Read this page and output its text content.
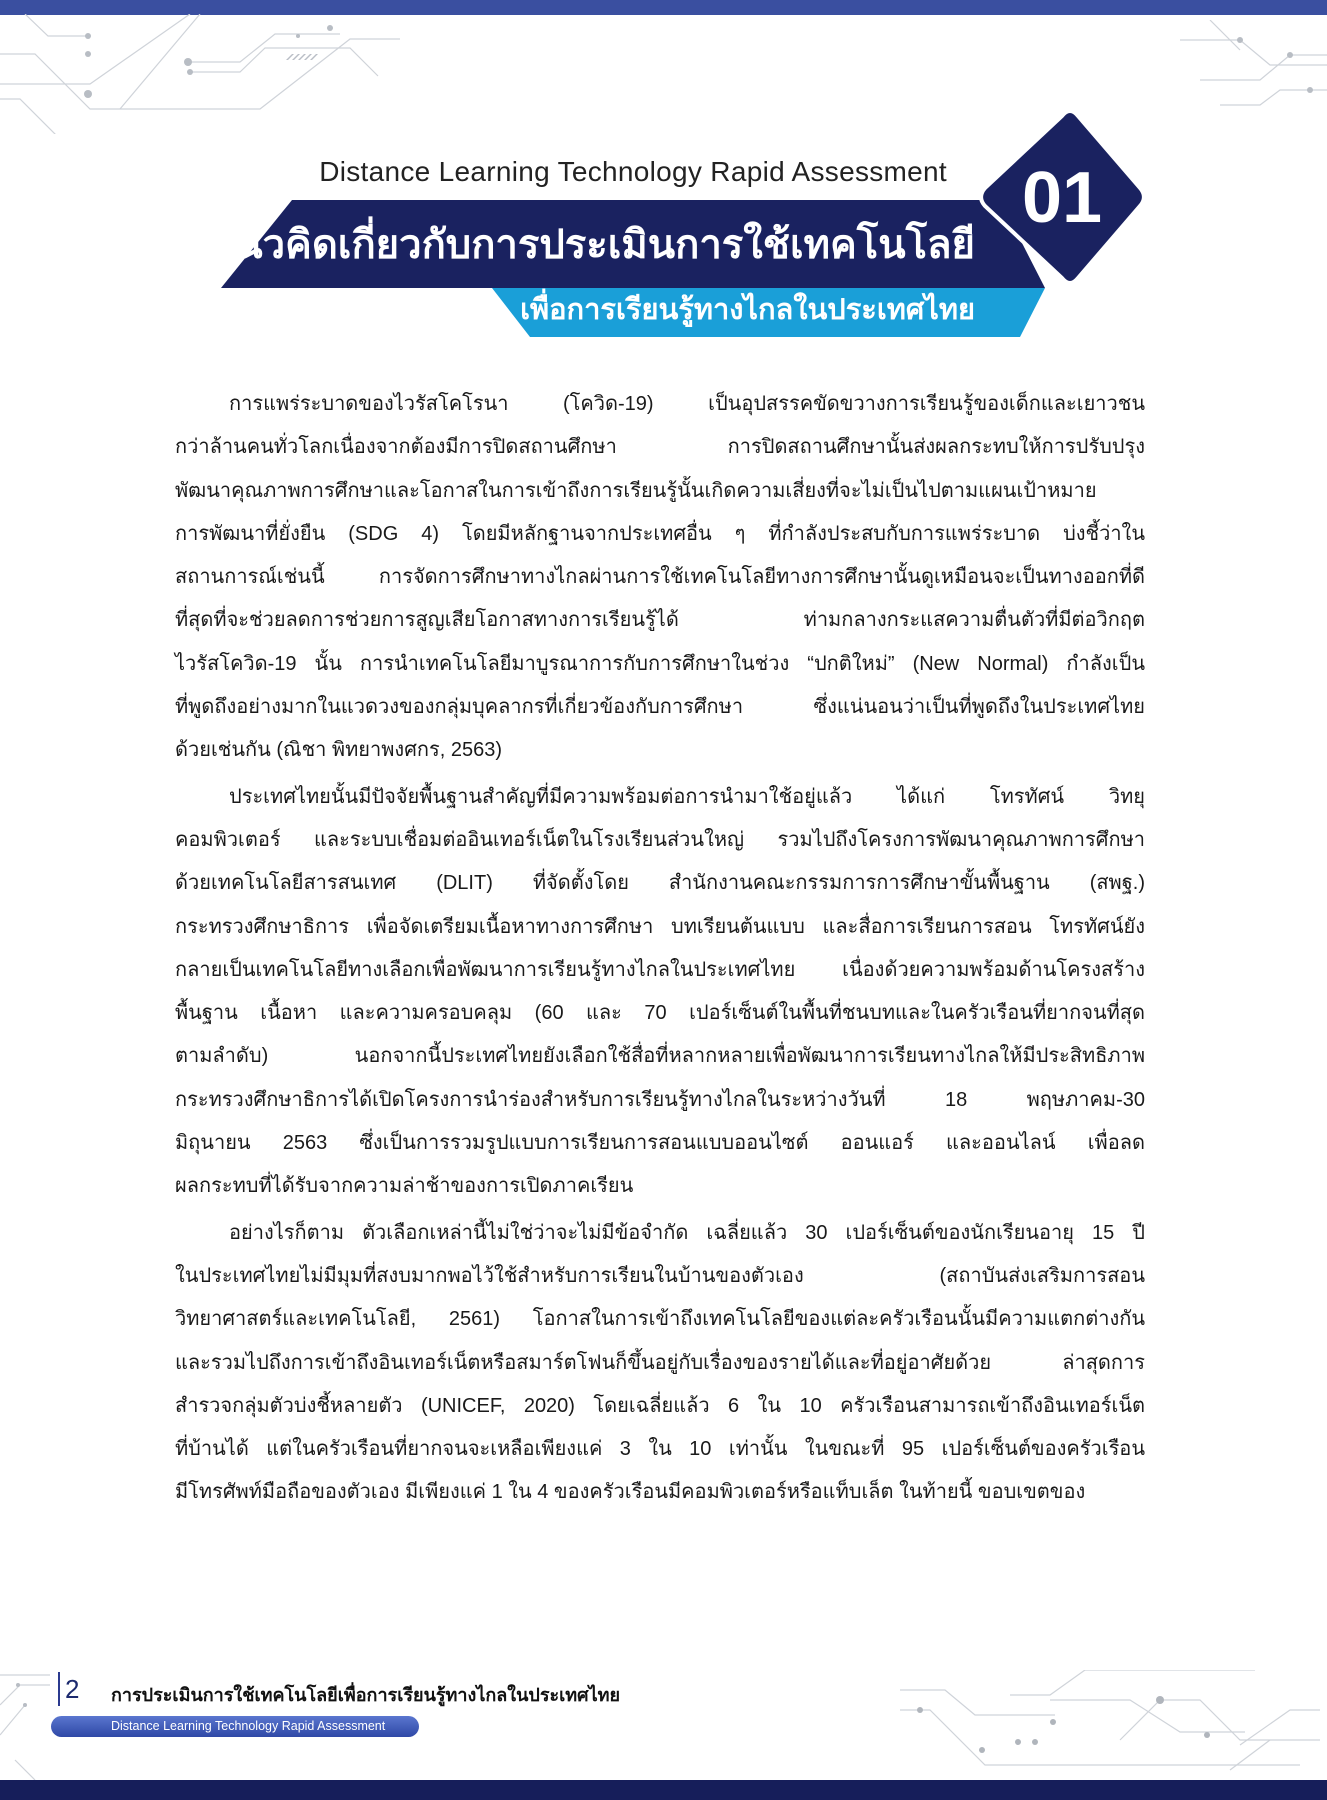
Distance Learning Technology Rapid Assessment
แนวคิดเกี่ยวกับการประเมินการใช้เทคโนโลยี
เพื่อการเรียนรู้ทางไกลในประเทศไทย
01
การแพร่ระบาดของไวรัสโคโรนา (โควิด-19) เป็นอุปสรรคขัดขวางการเรียนรู้ของเด็กและเยาวชน
กว่าล้านคนทั่วโลกเนื่องจากต้องมีการปิดสถานศึกษา การปิดสถานศึกษานั้นส่งผลกระทบให้การปรับปรุง
พัฒนาคุณภาพการศึกษาและโอกาสในการเข้าถึงการเรียนรู้นั้นเกิดความเสี่ยงที่จะไม่เป็นไปตามแผนเป้าหมาย
การพัฒนาที่ยั่งยืน (SDG 4) โดยมีหลักฐานจากประเทศอื่น ๆ ที่กำลังประสบกับการแพร่ระบาด บ่งชี้ว่าใน
สถานการณ์เช่นนี้ การจัดการศึกษาทางไกลผ่านการใช้เทคโนโลยีทางการศึกษานั้นดูเหมือนจะเป็นทางออกที่ดี
ที่สุดที่จะช่วยลดการช่วยการสูญเสียโอกาสทางการเรียนรู้ได้ ท่ามกลางกระแสความตื่นตัวที่มีต่อวิกฤต
ไวรัสโควิด-19 นั้น การนำเทคโนโลยีมาบูรณาการกับการศึกษาในช่วง “ปกติใหม่” (New Normal) กำลังเป็น
ที่พูดถึงอย่างมากในแวดวงของกลุ่มบุคลากรที่เกี่ยวข้องกับการศึกษา ซึ่งแน่นอนว่าเป็นที่พูดถึงในประเทศไทย
ด้วยเช่นกัน (ณิชา พิทยาพงศกร, 2563)
ประเทศไทยนั้นมีปัจจัยพื้นฐานสำคัญที่มีความพร้อมต่อการนำมาใช้อยู่แล้ว ได้แก่ โทรทัศน์ วิทยุ
คอมพิวเตอร์ และระบบเชื่อมต่ออินเทอร์เน็ตในโรงเรียนส่วนใหญ่ รวมไปถึงโครงการพัฒนาคุณภาพการศึกษา
ด้วยเทคโนโลยีสารสนเทศ (DLIT) ที่จัดตั้งโดย สำนักงานคณะกรรมการการศึกษาขั้นพื้นฐาน (สพฐ.)
กระทรวงศึกษาธิการ เพื่อจัดเตรียมเนื้อหาทางการศึกษา บทเรียนต้นแบบ และสื่อการเรียนการสอน โทรทัศน์ยัง
กลายเป็นเทคโนโลยีทางเลือกเพื่อพัฒนาการเรียนรู้ทางไกลในประเทศไทย เนื่องด้วยความพร้อมด้านโครงสร้าง
พื้นฐาน เนื้อหา และความครอบคลุม (60 และ 70 เปอร์เซ็นต์ในพื้นที่ชนบทและในครัวเรือนที่ยากจนที่สุด
ตามลำดับ) นอกจากนี้ประเทศไทยยังเลือกใช้สื่อที่หลากหลายเพื่อพัฒนาการเรียนทางไกลให้มีประสิทธิภาพ
กระทรวงศึกษาธิการได้เปิดโครงการนำร่องสำหรับการเรียนรู้ทางไกลในระหว่างวันที่ 18 พฤษภาคม-30
มิถุนายน 2563 ซึ่งเป็นการรวมรูปแบบการเรียนการสอนแบบออนไซต์ ออนแอร์ และออนไลน์ เพื่อลด
ผลกระทบที่ได้รับจากความล่าช้าของการเปิดภาคเรียน
อย่างไรก็ตาม ตัวเลือกเหล่านี้ไม่ใช่ว่าจะไม่มีข้อจำกัด เฉลี่ยแล้ว 30 เปอร์เซ็นต์ของนักเรียนอายุ 15 ปี
ในประเทศไทยไม่มีมุมที่สงบมากพอไว้ใช้สำหรับการเรียนในบ้านของตัวเอง (สถาบันส่งเสริมการสอน
วิทยาศาสตร์และเทคโนโลยี, 2561) โอกาสในการเข้าถึงเทคโนโลยีของแต่ละครัวเรือนนั้นมีความแตกต่างกัน
และรวมไปถึงการเข้าถึงอินเทอร์เน็ตหรือสมาร์ตโฟนก็ขึ้นอยู่กับเรื่องของรายได้และที่อยู่อาศัยด้วย ล่าสุดการ
สำรวจกลุ่มตัวบ่งชี้หลายตัว (UNICEF, 2020) โดยเฉลี่ยแล้ว 6 ใน 10 ครัวเรือนสามารถเข้าถึงอินเทอร์เน็ต
ที่บ้านได้ แต่ในครัวเรือนที่ยากจนจะเหลือเพียงแค่ 3 ใน 10 เท่านั้น ในขณะที่ 95 เปอร์เซ็นต์ของครัวเรือน
มีโทรศัพท์มือถือของตัวเอง มีเพียงแค่ 1 ใน 4 ของครัวเรือนมีคอมพิวเตอร์หรือแท็บเล็ต ในท้ายนี้ ขอบเขตของ
2 การประเมินการใช้เทคโนโลยีเพื่อการเรียนรู้ทางไกลในประเทศไทย
Distance Learning Technology Rapid Assessment
